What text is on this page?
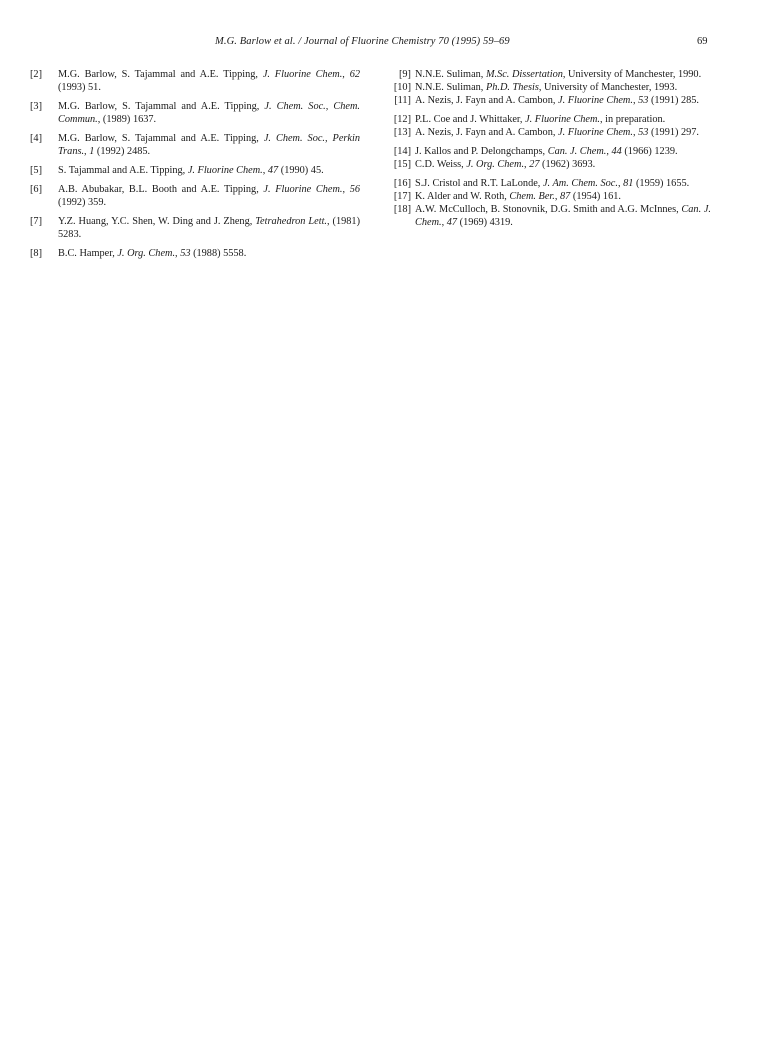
M.G. Barlow et al. / Journal of Fluorine Chemistry 70 (1995) 59–69	69
[2] M.G. Barlow, S. Tajammal and A.E. Tipping, J. Fluorine Chem., 62 (1993) 51.
[3] M.G. Barlow, S. Tajammal and A.E. Tipping, J. Chem. Soc., Chem. Commun., (1989) 1637.
[4] M.G. Barlow, S. Tajammal and A.E. Tipping, J. Chem. Soc., Perkin Trans., 1 (1992) 2485.
[5] S. Tajammal and A.E. Tipping, J. Fluorine Chem., 47 (1990) 45.
[6] A.B. Abubakar, B.L. Booth and A.E. Tipping, J. Fluorine Chem., 56 (1992) 359.
[7] Y.Z. Huang, Y.C. Shen, W. Ding and J. Zheng, Tetrahedron Lett., (1981) 5283.
[8] B.C. Hamper, J. Org. Chem., 53 (1988) 5558.
[9] N.N.E. Suliman, M.Sc. Dissertation, University of Manchester, 1990.
[10] N.N.E. Suliman, Ph.D. Thesis, University of Manchester, 1993.
[11] A. Nezis, J. Fayn and A. Cambon, J. Fluorine Chem., 53 (1991) 285.
[12] P.L. Coe and J. Whittaker, J. Fluorine Chem., in preparation.
[13] A. Nezis, J. Fayn and A. Cambon, J. Fluorine Chem., 53 (1991) 297.
[14] J. Kallos and P. Delongchamps, Can. J. Chem., 44 (1966) 1239.
[15] C.D. Weiss, J. Org. Chem., 27 (1962) 3693.
[16] S.J. Cristol and R.T. LaLonde, J. Am. Chem. Soc., 81 (1959) 1655.
[17] K. Alder and W. Roth, Chem. Ber., 87 (1954) 161.
[18] A.W. McCulloch, B. Stonovnik, D.G. Smith and A.G. McInnes, Can. J. Chem., 47 (1969) 4319.
